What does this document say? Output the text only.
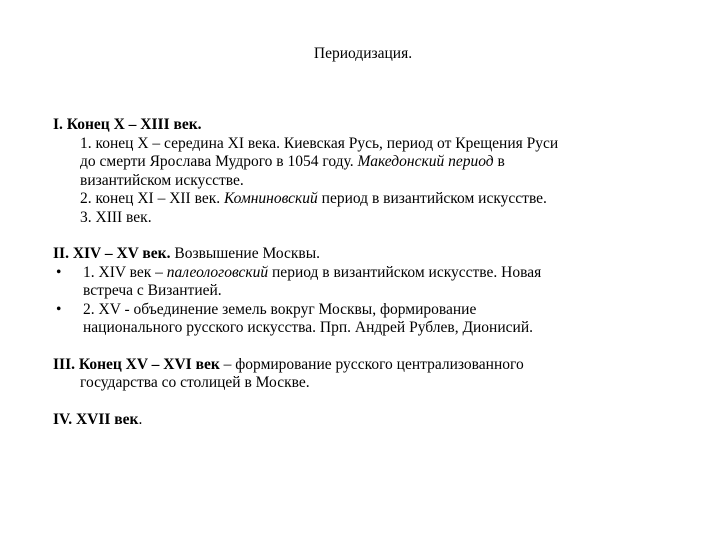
Периодизация.
I. Конец X – XIII век.
1. конец X – середина XI века. Киевская Русь, период от Крещения Руси
до смерти Ярослава Мудрого в 1054 году. Македонский период в
византийском искусстве.
2. конец XI – XII век. Комниновский период в византийском искусстве.
3. XIII век.
II. XIV – XV век. Возвышение Москвы.
• 1. XIV век – палеологовский период в византийском искусстве. Новая
встреча с Византией.
• 2. XV - объединение земель вокруг Москвы, формирование
национального русского искусства. Прп. Андрей Рублев, Дионисий.
III. Конец XV – XVI век – формирование русского централизованного
государства со столицей в Москве.
IV. XVII век.
